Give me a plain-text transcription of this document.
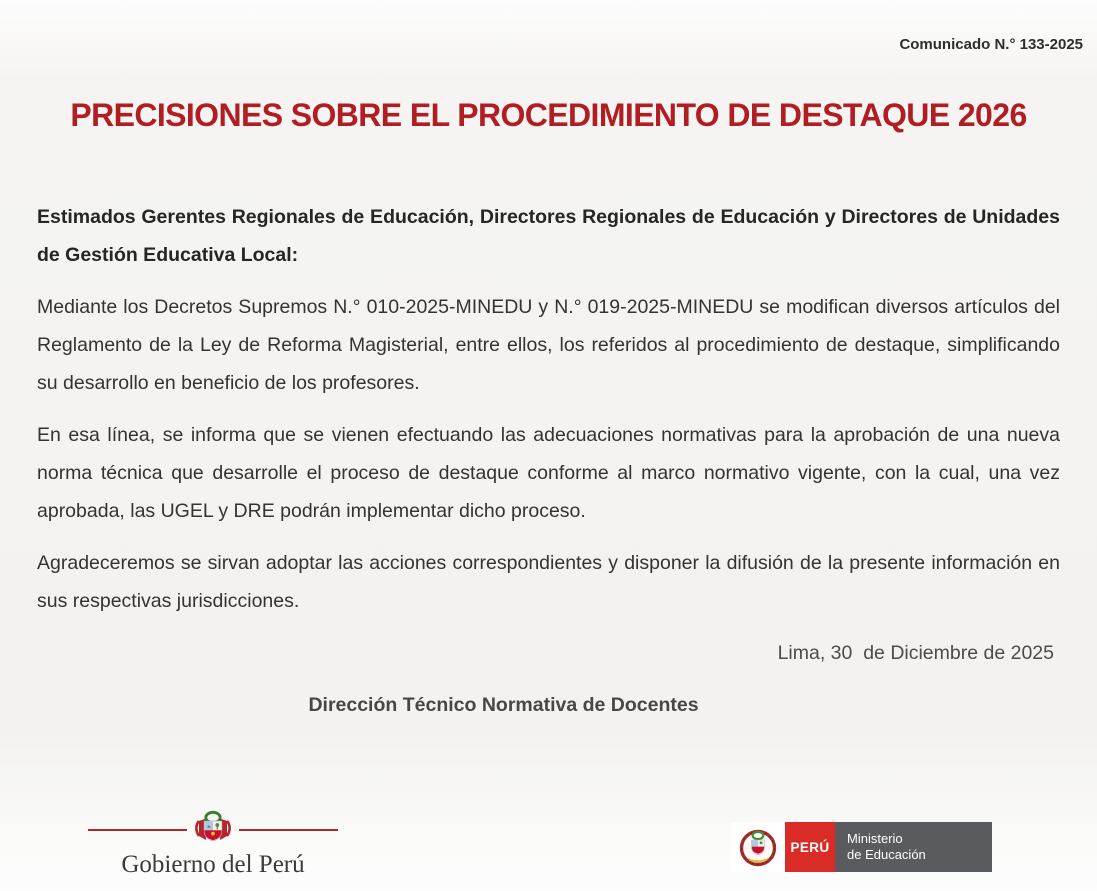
Comunicado N.° 133-2025
PRECISIONES SOBRE EL PROCEDIMIENTO DE DESTAQUE 2026

Estimados Gerentes Regionales de Educación, Directores Regionales de Educación y Directores de Unidades de Gestión Educativa Local:

Mediante los Decretos Supremos N.° 010-2025-MINEDU y N.° 019-2025-MINEDU se modifican diversos artículos del Reglamento de la Ley de Reforma Magisterial, entre ellos, los referidos al procedimiento de destaque, simplificando su desarrollo en beneficio de los profesores.

En esa línea, se informa que se vienen efectuando las adecuaciones normativas para la aprobación de una nueva norma técnica que desarrolle el proceso de destaque conforme al marco normativo vigente, con la cual, una vez aprobada, las UGEL y DRE podrán implementar dicho proceso.

Agradeceremos se sirvan adoptar las acciones correspondientes y disponer la difusión de la presente información en sus respectivas jurisdicciones.

Lima, 30  de Diciembre de 2025

Dirección Técnico Normativa de Docentes

Gobierno del Perú
PERÚ
Ministerio
de Educación
